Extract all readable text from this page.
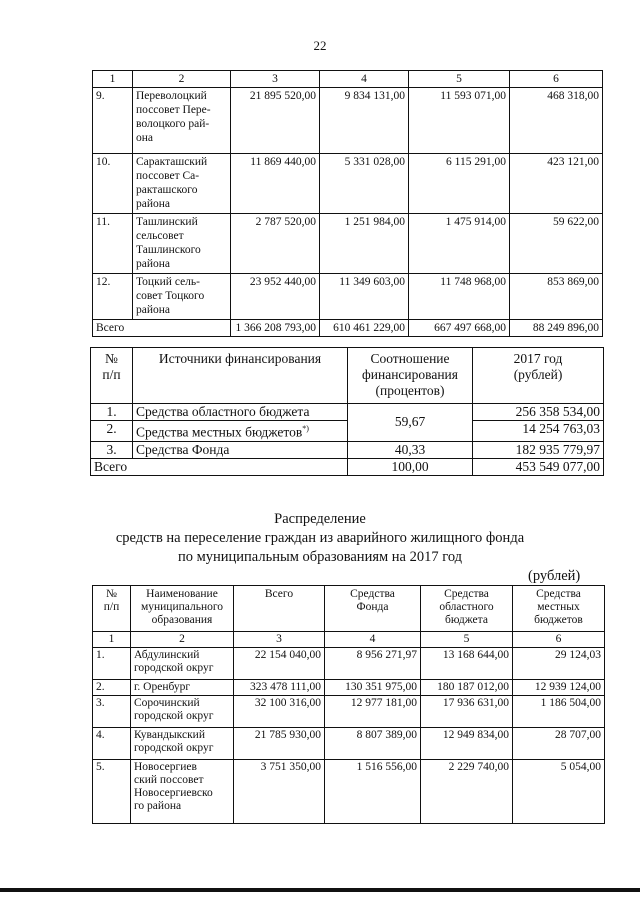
22
1	2	3	4	5	6
9.	Переволоцкий
поссовет Пере-
волоцкого рай-
она	21 895 520,00	9 834 131,00	11 593 071,00	468 318,00
10.	Саракташский
поссовет Са-
ракташского
района	11 869 440,00	5 331 028,00	6 115 291,00	423 121,00
11.	Ташлинский
сельсовет
Ташлинского
района	2 787 520,00	1 251 984,00	1 475 914,00	59 622,00
12.	Тоцкий сель-
совет Тоцкого
района	23 952 440,00	11 349 603,00	11 748 968,00	853 869,00
Всего		1 366 208 793,00	610 461 229,00	667 497 668,00	88 249 896,00
№
п/п	Источники финансирования	Соотношение
финансирования
(процентов)	2017 год
(рублей)
1.	Средства областного бюджета	59,67	256 358 534,00
2.	Средства местных бюджетов*)		14 254 763,03
3.	Средства Фонда	40,33	182 935 779,97
Всего		100,00	453 549 077,00
Распределение
средств на переселение граждан из аварийного жилищного фонда
по муниципальным образованиям на 2017 год
(рублей)
№
п/п	Наименование
муниципального
образования	Всего	Средства
Фонда	Средства
областного
бюджета	Средства
местных
бюджетов
1	2	3	4	5	6
1.	Абдулинский
городской округ	22 154 040,00	8 956 271,97	13 168 644,00	29 124,03
2.	г. Оренбург	323 478 111,00	130 351 975,00	180 187 012,00	12 939 124,00
3.	Сорочинский
городской округ	32 100 316,00	12 977 181,00	17 936 631,00	1 186 504,00
4.	Кувандыкский
городской округ	21 785 930,00	8 807 389,00	12 949 834,00	28 707,00
5.	Новосергиев
ский поссовет
Новосергиевско
го района	3 751 350,00	1 516 556,00	2 229 740,00	5 054,00
